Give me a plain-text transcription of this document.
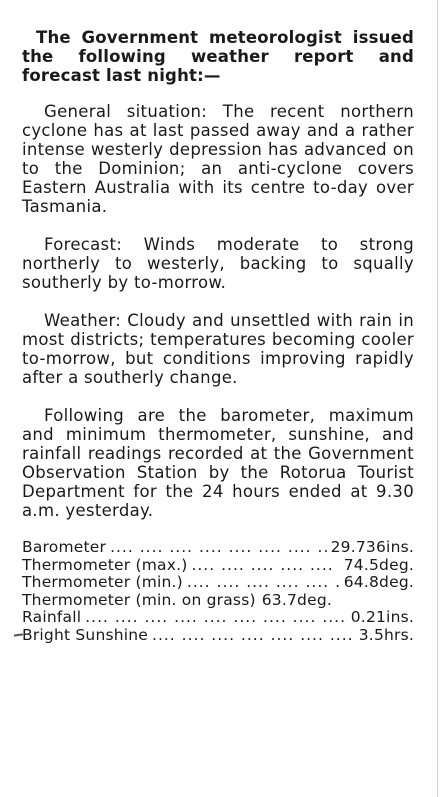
The Government meteorologist issued the following weather report and forecast last night:—

General situation: The recent northern cyclone has at last passed away and a rather intense westerly depression has advanced on to the Dominion; an anti-cyclone covers Eastern Australia with its centre to-day over Tasmania.

Forecast: Winds moderate to strong northerly to westerly, backing to squally southerly by to-morrow.

Weather: Cloudy and unsettled with rain in most districts; temperatures becoming cooler to-morrow, but conditions improving rapidly after a southerly change.

Following are the barometer, maximum and minimum thermometer, sunshine, and rainfall readings recorded at the Government Observation Station by the Rotorua Tourist Department for the 24 hours ended at 9.30 a.m. yesterday.

Barometer ....	29.736ins.
Thermometer (max.) ....	74.5deg.
Thermometer (min.) ....	64.8deg.
Thermometer (min. on grass) 63.7deg.
Rainfall ....	0.21ins.
Bright Sunshine ....	3.5hrs.
